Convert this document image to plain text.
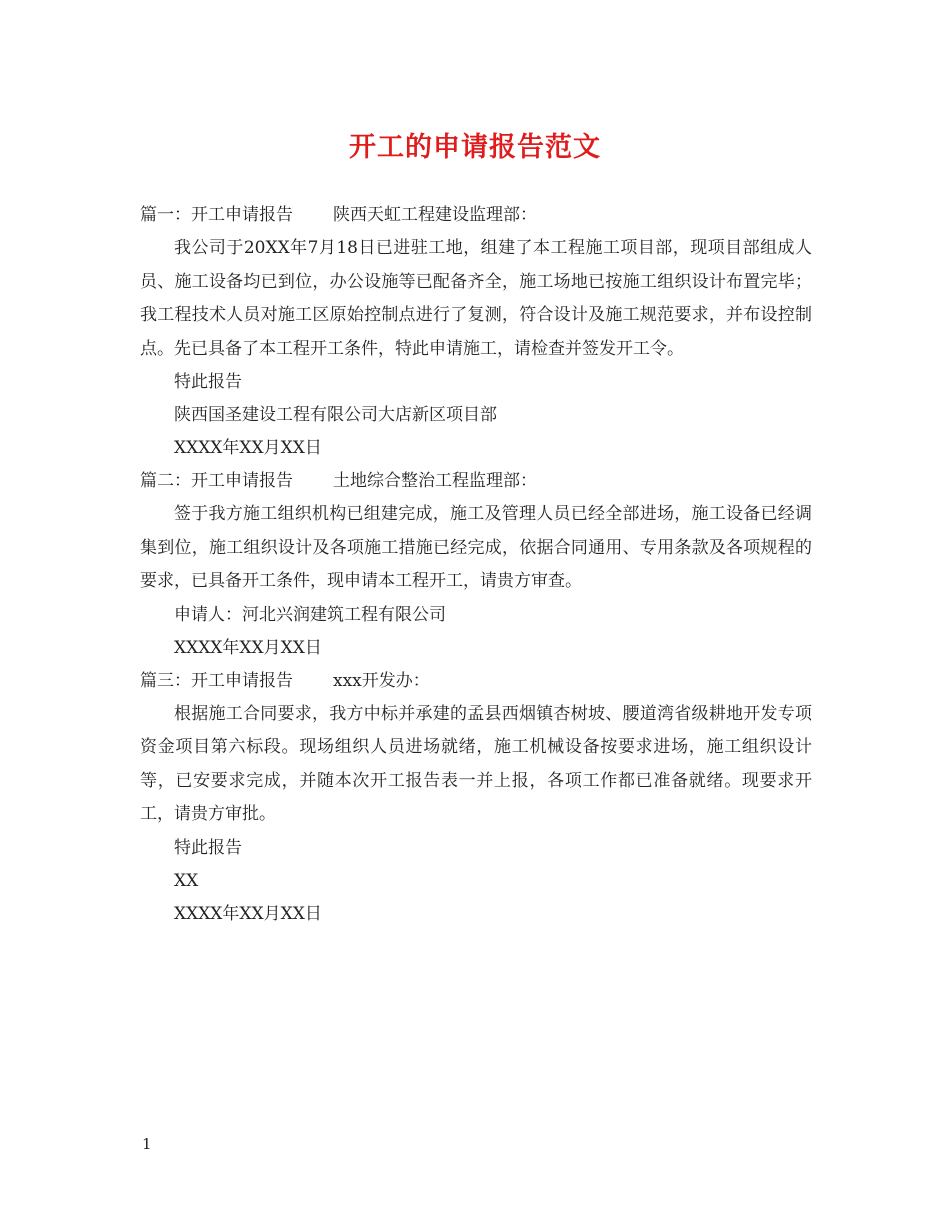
开工的申请报告范文
篇一：开工申请报告 陕西天虹工程建设监理部：
我公司于20XX年7月18日已进驻工地，组建了本工程施工项目部，现项目部组成人员、施工设备均已到位，办公设施等已配备齐全，施工场地已按施工组织设计布置完毕；我工程技术人员对施工区原始控制点进行了复测，符合设计及施工规范要求，并布设控制点。先已具备了本工程开工条件，特此申请施工，请检查并签发开工令。
特此报告
陕西国圣建设工程有限公司大店新区项目部
XXXX年XX月XX日
篇二：开工申请报告 土地综合整治工程监理部：
签于我方施工组织机构已组建完成，施工及管理人员已经全部进场，施工设备已经调集到位，施工组织设计及各项施工措施已经完成，依据合同通用、专用条款及各项规程的要求，已具备开工条件，现申请本工程开工，请贵方审查。
申请人：河北兴润建筑工程有限公司
XXXX年XX月XX日
篇三：开工申请报告 xxx开发办：
根据施工合同要求，我方中标并承建的孟县西烟镇杏树坡、腰道湾省级耕地开发专项资金项目第六标段。现场组织人员进场就绪，施工机械设备按要求进场，施工组织设计等，已安要求完成，并随本次开工报告表一并上报，各项工作都已准备就绪。现要求开工，请贵方审批。
特此报告
XX
XXXX年XX月XX日
1
